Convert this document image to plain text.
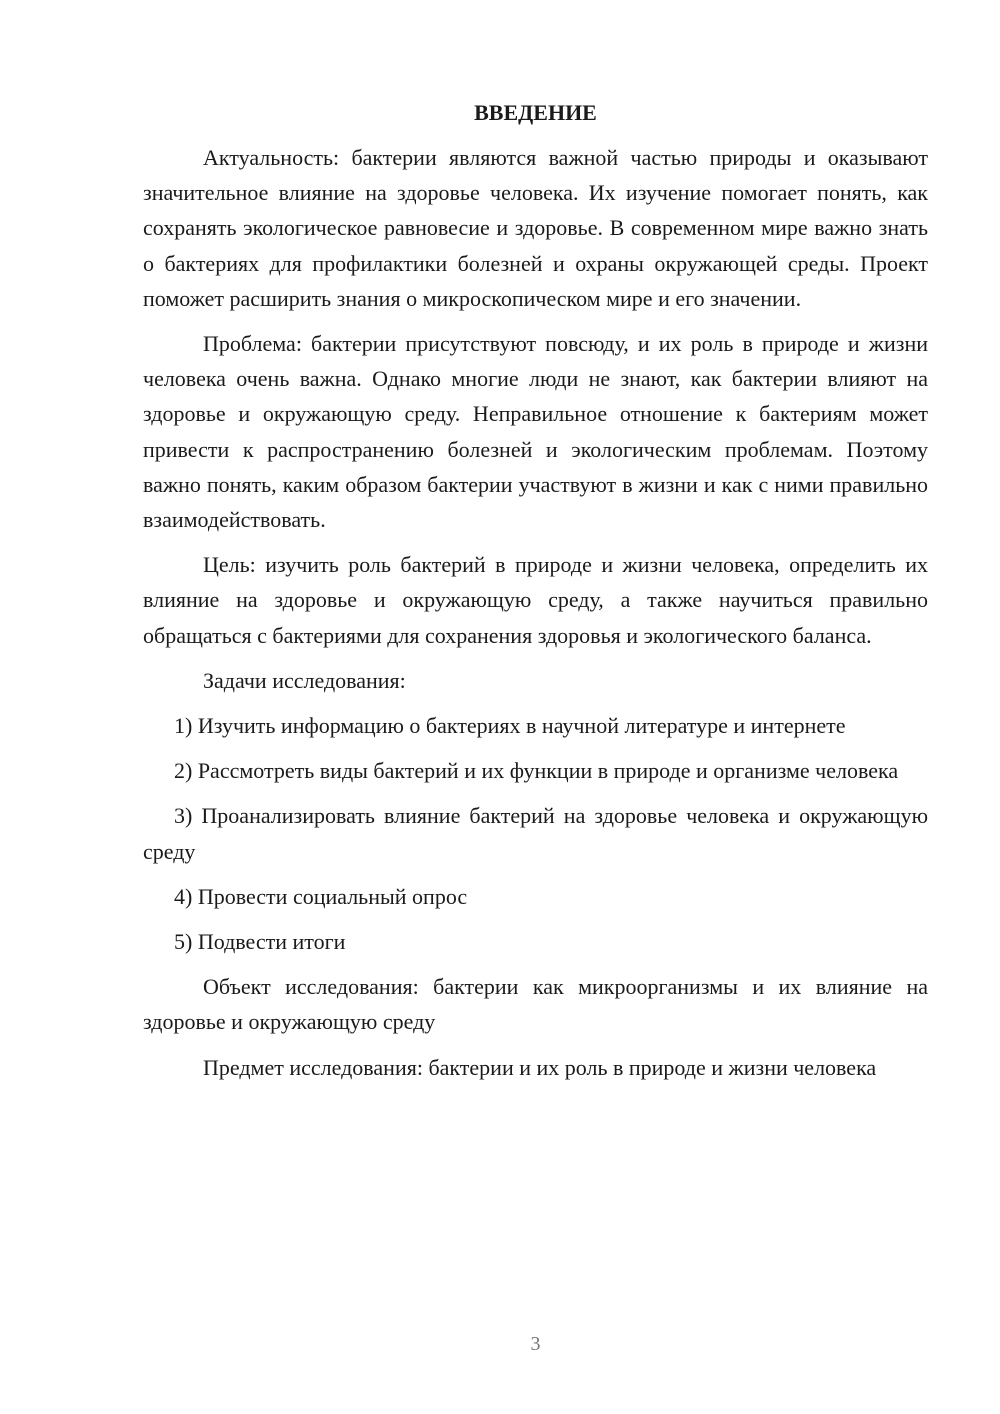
ВВЕДЕНИЕ

Актуальность: бактерии являются важной частью природы и оказывают значительное влияние на здоровье человека. Их изучение помогает понять, как сохранять экологическое равновесие и здоровье. В современном мире важно знать о бактериях для профилактики болезней и охраны окружающей среды. Проект поможет расширить знания о микроскопическом мире и его значении.

Проблема: бактерии присутствуют повсюду, и их роль в природе и жизни человека очень важна. Однако многие люди не знают, как бактерии влияют на здоровье и окружающую среду. Неправильное отношение к бактериям может привести к распространению болезней и экологическим проблемам. Поэтому важно понять, каким образом бактерии участвуют в жизни и как с ними правильно взаимодействовать.

Цель: изучить роль бактерий в природе и жизни человека, определить их влияние на здоровье и окружающую среду, а также научиться правильно обращаться с бактериями для сохранения здоровья и экологического баланса.

Задачи исследования:

1) Изучить информацию о бактериях в научной литературе и интернете

2) Рассмотреть виды бактерий и их функции в природе и организме человека

3) Проанализировать влияние бактерий на здоровье человека и окружающую среду

4) Провести социальный опрос

5) Подвести итоги

Объект исследования: бактерии как микроорганизмы и их влияние на здоровье и окружающую среду

Предмет исследования: бактерии и их роль в природе и жизни человека

3
